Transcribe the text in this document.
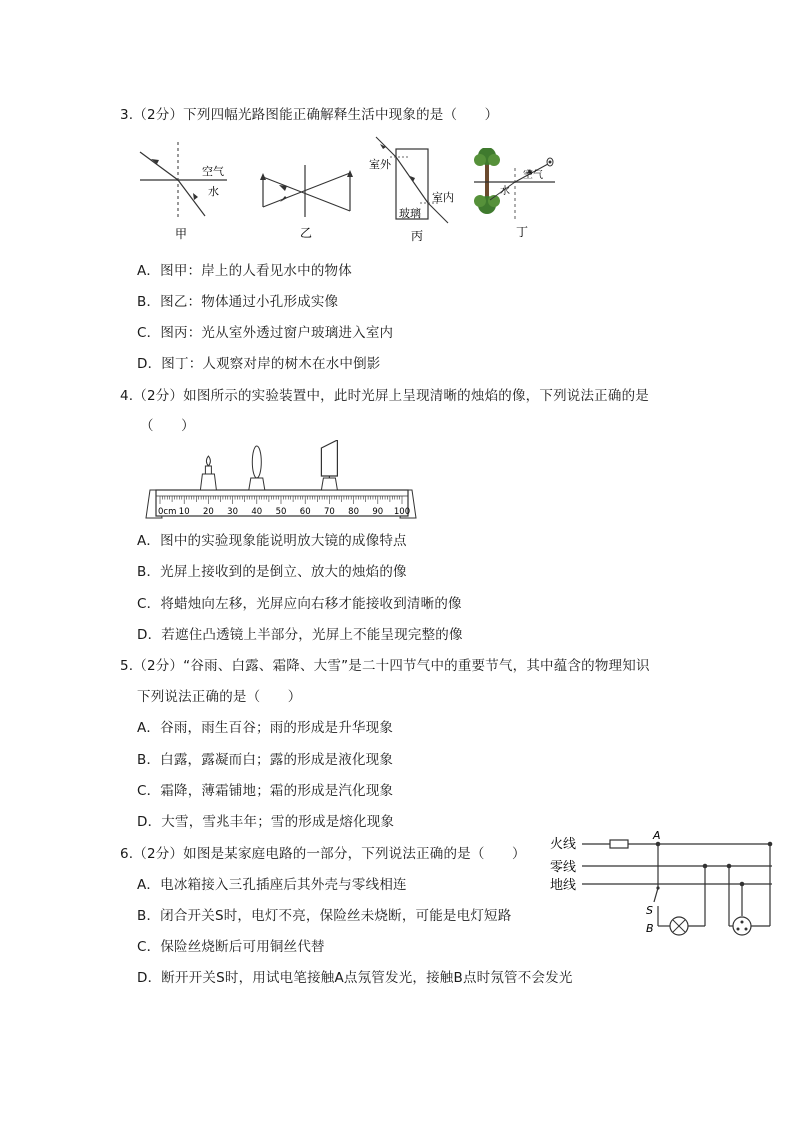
3.（2分）下列四幅光路图能正确解释生活中现象的是（　　）
空气
水
甲	乙
室外
室内
玻璃
丙
空气
水
丁
A．图甲：岸上的人看见水中的物体
B．图乙：物体通过小孔形成实像
C．图丙：光从室外透过窗户玻璃进入室内
D．图丁：人观察对岸的树木在水中倒影
4.（2分）如图所示的实验装置中，此时光屏上呈现清晰的烛焰的像，下列说法正确的是
（　　）
0cm 10 20 30 40 50 60 70 80 90 100
A．图中的实验现象能说明放大镜的成像特点
B．光屏上接收到的是倒立、放大的烛焰的像
C．将蜡烛向左移，光屏应向右移才能接收到清晰的像
D．若遮住凸透镜上半部分，光屏上不能呈现完整的像
5.（2分）“谷雨、白露、霜降、大雪”是二十四节气中的重要节气，其中蕴含的物理知识
下列说法正确的是（　　）
A．谷雨，雨生百谷；雨的形成是升华现象
B．白露，露凝而白；露的形成是液化现象
C．霜降，薄霜铺地；霜的形成是汽化现象
D．大雪，雪兆丰年；雪的形成是熔化现象
6.（2分）如图是某家庭电路的一部分，下列说法正确的是（　　）
A．电冰箱接入三孔插座后其外壳与零线相连
B．闭合开关S时，电灯不亮，保险丝未烧断，可能是电灯短路
C．保险丝烧断后可用铜丝代替
D．断开开关S时，用试电笔接触A点氖管发光，接触B点时氖管不会发光
火线
零线
地线
A
S
B
